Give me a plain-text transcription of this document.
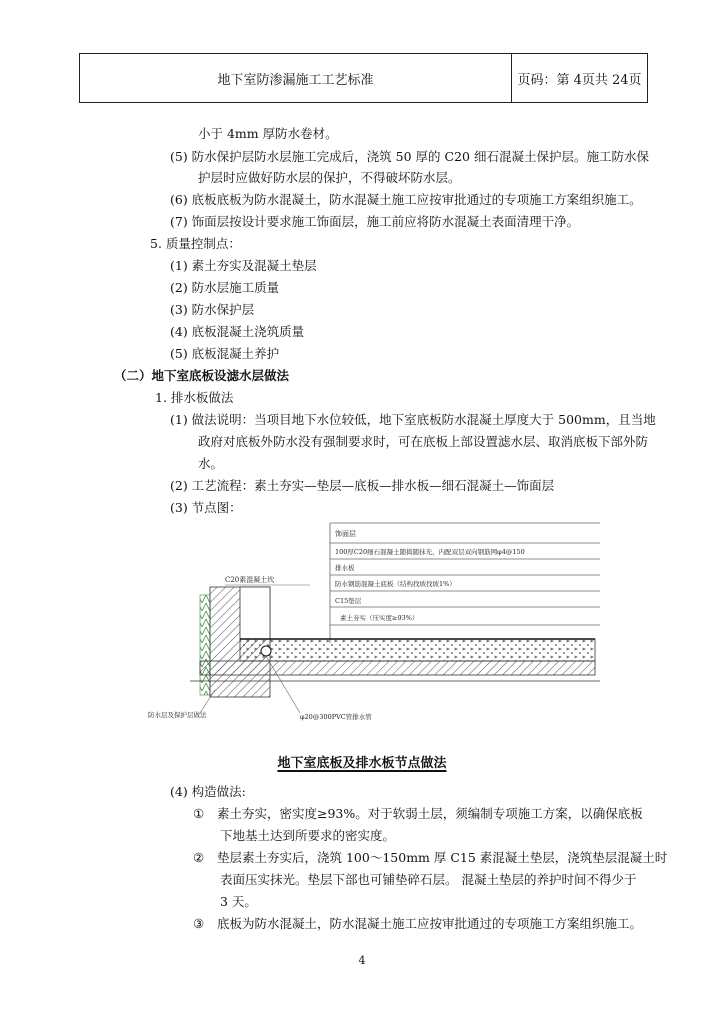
地下室防渗漏施工工艺标准	页码：第 4页共 24页
小于 4mm 厚防水卷材。
(5) 防水保护层防水层施工完成后，浇筑 50 厚的 C20 细石混凝土保护层。施工防水保
护层时应做好防水层的保护，不得破坏防水层。
(6) 底板底板为防水混凝土，防水混凝土施工应按审批通过的专项施工方案组织施工。
(7) 饰面层按设计要求施工饰面层，施工前应将防水混凝土表面清理干净。
5. 质量控制点：
(1) 素土夯实及混凝土垫层
(2) 防水层施工质量
(3) 防水保护层
(4) 底板混凝土浇筑质量
(5) 底板混凝土养护
（二）地下室底板设滤水层做法
1. 排水板做法
(1) 做法说明：当项目地下水位较低，地下室底板防水混凝土厚度大于 500mm，且当地
政府对底板外防水没有强制要求时，可在底板上部设置滤水层、取消底板下部外防
水。
(2) 工艺流程：素土夯实—垫层—底板—排水板—细石混凝土—饰面层
(3) 节点图：
饰面层
100厚C20细石混凝土随捣随抹光，内配双层双向钢筋网φ4@150
排水板
防水钢筋混凝土底板（结构找坡找坡1%）
C15垫层
素土夯实（压实度≥93%）
C20素混凝土坎
防水层及保护层做法	φ20@300PVC管排水管
地下室底板及排水板节点做法
(4) 构造做法:
① 素土夯实，密实度≥93%。对于软弱土层，须编制专项施工方案，以确保底板
下地基土达到所要求的密实度。
② 垫层素土夯实后，浇筑 100～150mm 厚 C15 素混凝土垫层，浇筑垫层混凝土时
表面压实抹光。垫层下部也可铺垫碎石层。 混凝土垫层的养护时间不得少于
3 天。
③ 底板为防水混凝土，防水混凝土施工应按审批通过的专项施工方案组织施工。
4
